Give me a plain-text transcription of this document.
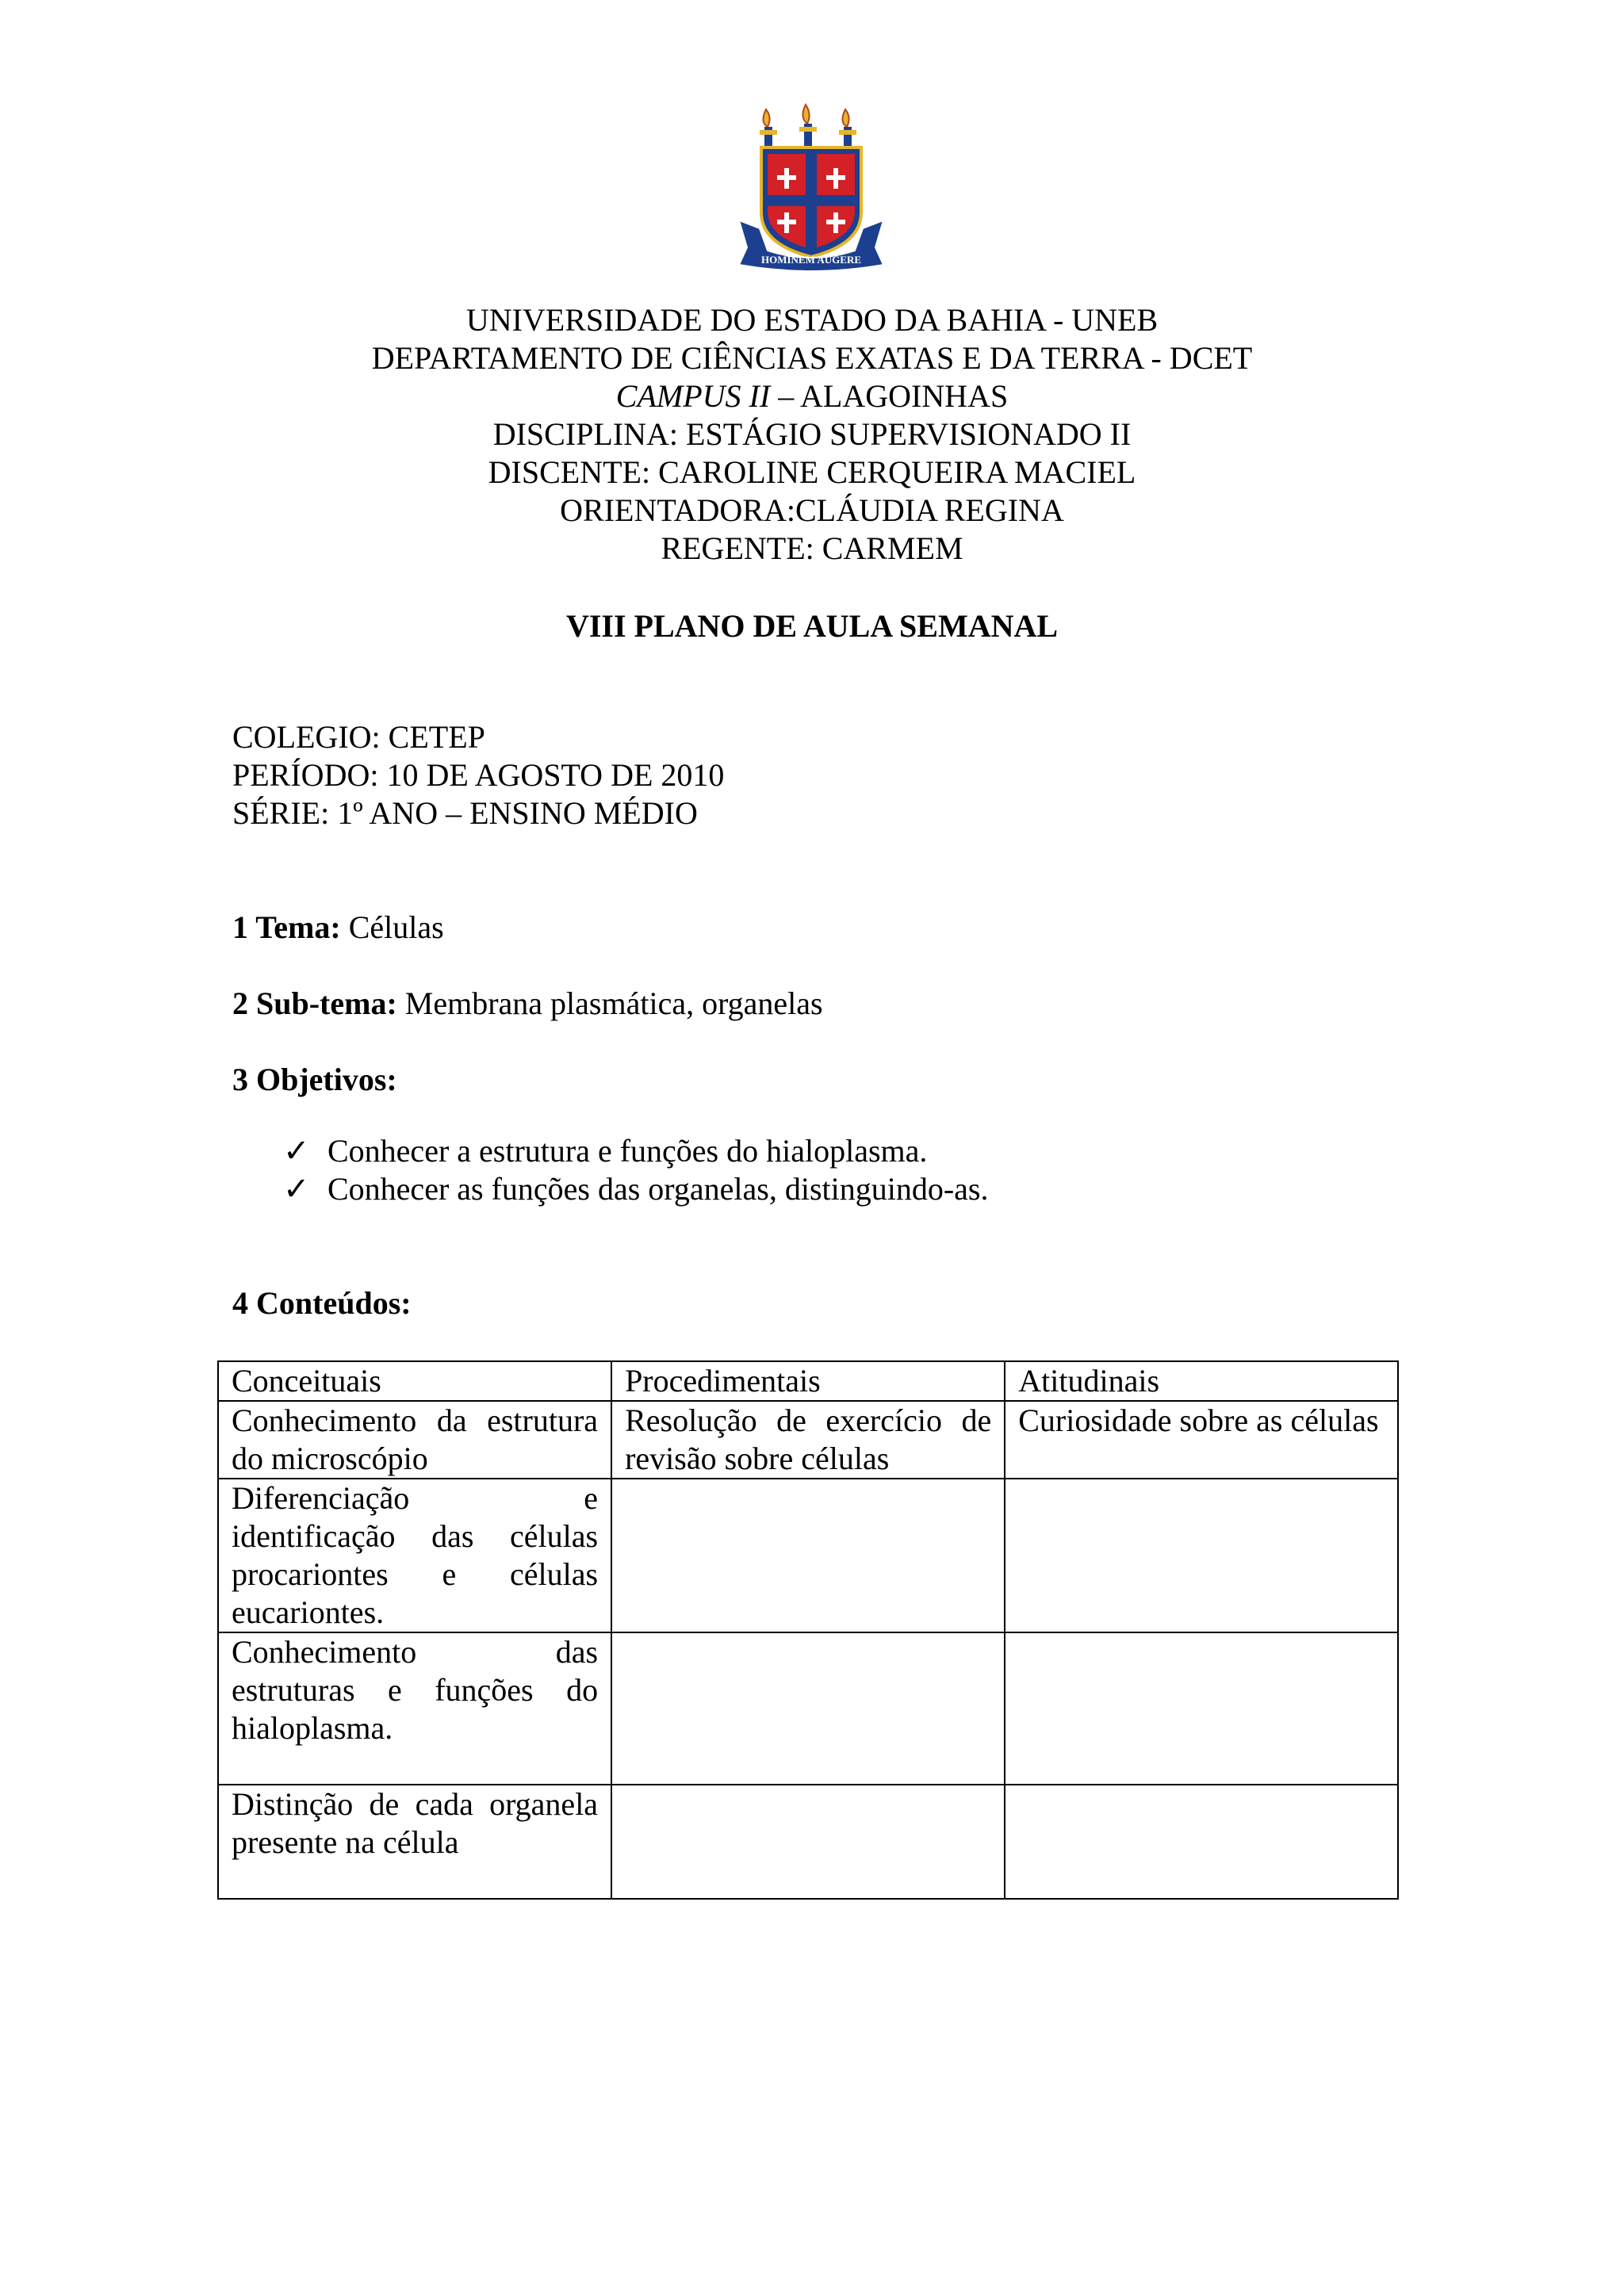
HOMINEM AUGERE
UNIVERSIDADE DO ESTADO DA BAHIA - UNEB
DEPARTAMENTO DE CIÊNCIAS EXATAS E DA TERRA - DCET
CAMPUS II – ALAGOINHAS
DISCIPLINA: ESTÁGIO SUPERVISIONADO II
DISCENTE: CAROLINE CERQUEIRA MACIEL
ORIENTADORA:CLÁUDIA REGINA
REGENTE: CARMEM
VIII PLANO DE AULA SEMANAL
COLEGIO: CETEP
PERÍODO: 10 DE AGOSTO DE 2010
SÉRIE: 1º ANO – ENSINO MÉDIO
1 Tema: Células
2 Sub-tema: Membrana plasmática, organelas
3 Objetivos:
✓ Conhecer a estrutura e funções do hialoplasma.
✓ Conhecer as funções das organelas, distinguindo-as.
4 Conteúdos:
Conceituais	Procedimentais	Atitudinais
Conhecimento da estrutura do microscópio	Resolução de exercício de revisão sobre células	Curiosidade sobre as células
Diferenciação e identificação das células procariontes e células eucariontes.		
Conhecimento das estruturas e funções do hialoplasma.		
Distinção de cada organela presente na célula		
